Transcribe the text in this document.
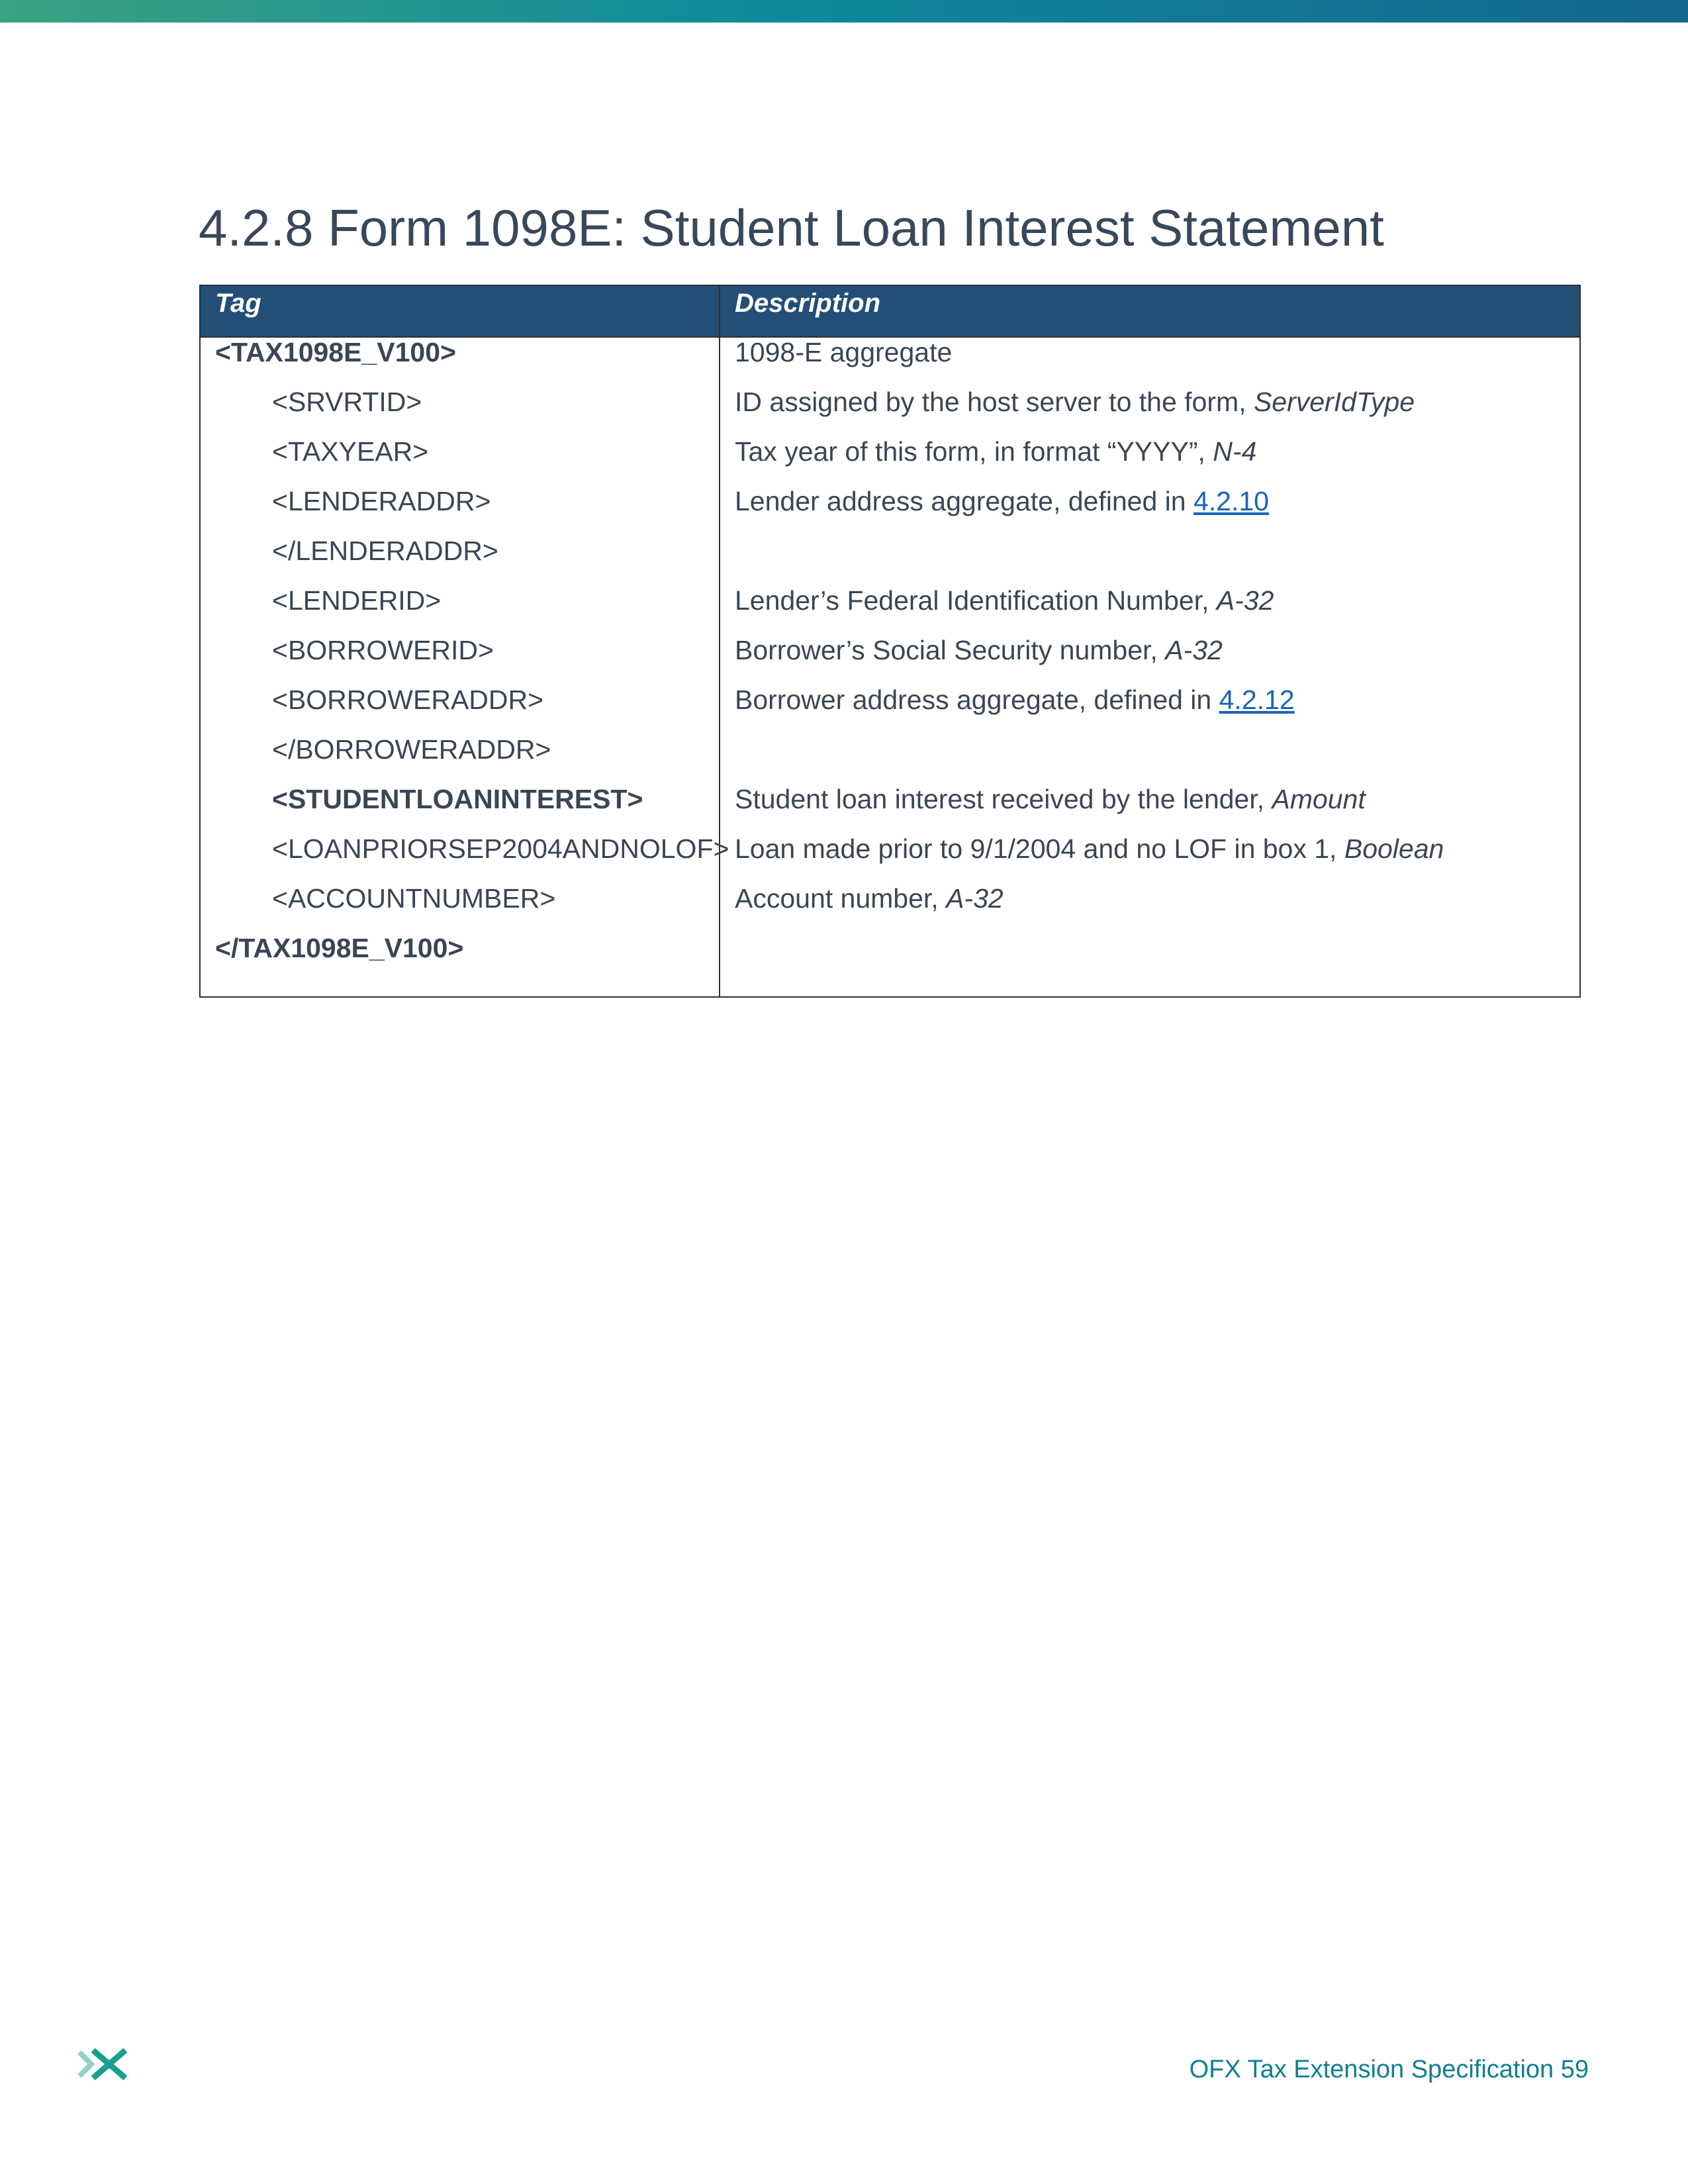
4.2.8 Form 1098E: Student Loan Interest Statement
Tag	Description
<TAX1098E_V100>
<SRVRTID>
<TAXYEAR>
<LENDERADDR>
</LENDERADDR>
<LENDERID>
<BORROWERID>
<BORROWERADDR>
</BORROWERADDR>
<STUDENTLOANINTEREST>
<LOANPRIORSEP2004ANDNOLOF>
<ACCOUNTNUMBER>
</TAX1098E_V100>
1098-E aggregate
ID assigned by the host server to the form, ServerIdType
Tax year of this form, in format “YYYY”, N-4
Lender address aggregate, defined in 4.2.10
Lender’s Federal Identification Number, A-32
Borrower’s Social Security number, A-32
Borrower address aggregate, defined in 4.2.12
Student loan interest received by the lender, Amount
Loan made prior to 9/1/2004 and no LOF in box 1, Boolean
Account number, A-32
OFX Tax Extension Specification 59
